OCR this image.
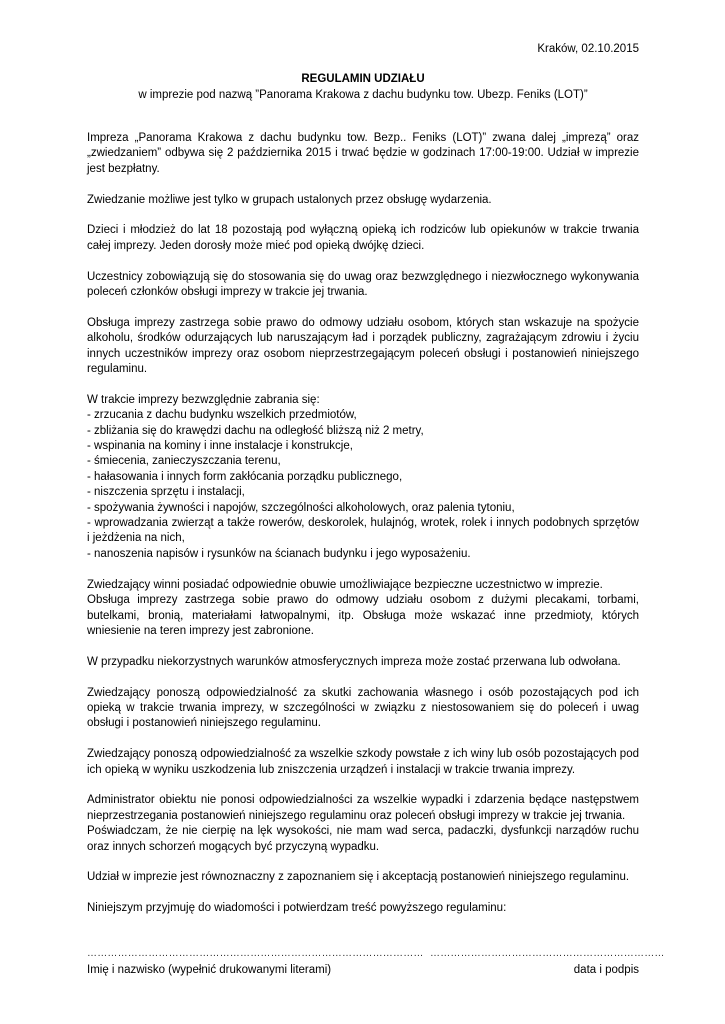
Kraków, 02.10.2015
REGULAMIN UDZIAŁU
w imprezie pod nazwą ”Panorama Krakowa z dachu budynku tow. Ubezp. Feniks (LOT)”

Impreza „Panorama Krakowa z dachu budynku tow. Bezp.. Feniks (LOT)” zwana dalej „imprezą” oraz „zwiedzaniem” odbywa się 2 października 2015 i trwać będzie w godzinach 17:00-19:00. Udział w imprezie jest bezpłatny.

Zwiedzanie możliwe jest tylko w grupach ustalonych przez obsługę wydarzenia.

Dzieci i młodzież do lat 18 pozostają pod wyłączną opieką ich rodziców lub opiekunów w trakcie trwania całej imprezy. Jeden dorosły może mieć pod opieką dwójkę dzieci.

Uczestnicy zobowiązują się do stosowania się do uwag oraz bezwzględnego i niezwłocznego wykonywania poleceń członków obsługi imprezy w trakcie jej trwania.

Obsługa imprezy zastrzega sobie prawo do odmowy udziału osobom, których stan wskazuje na spożycie alkoholu, środków odurzających lub naruszającym ład i porządek publiczny, zagrażającym zdrowiu i życiu innych uczestników imprezy oraz osobom nieprzestrzegającym poleceń obsługi i postanowień niniejszego regulaminu.

W trakcie imprezy bezwzględnie zabrania się:

- zrzucania z dachu budynku wszelkich przedmiotów,
- zbliżania się do krawędzi dachu na odległość bliższą niż 2 metry,
- wspinania na kominy i inne instalacje i konstrukcje,
- śmiecenia, zanieczyszczania terenu,
- hałasowania i innych form zakłócania porządku publicznego,
- niszczenia sprzętu i instalacji,
- spożywania żywności i napojów, szczególności alkoholowych, oraz palenia tytoniu,
- wprowadzania zwierząt a także rowerów, deskorolek, hulajnóg, wrotek, rolek i innych podobnych sprzętów i jeżdżenia na nich,
- nanoszenia napisów i rysunków na ścianach budynku i jego wyposażeniu.

Zwiedzający winni posiadać odpowiednie obuwie umożliwiające bezpieczne uczestnictwo w imprezie.

Obsługa imprezy zastrzega sobie prawo do odmowy udziału osobom z dużymi plecakami, torbami, butelkami, bronią, materiałami łatwopalnymi, itp. Obsługa może wskazać inne przedmioty, których wniesienie na teren imprezy jest zabronione.

W przypadku niekorzystnych warunków atmosferycznych impreza może zostać przerwana lub odwołana.

Zwiedzający ponoszą odpowiedzialność za skutki zachowania własnego i osób pozostających pod ich opieką w trakcie trwania imprezy, w szczególności w związku z niestosowaniem się do poleceń i uwag obsługi i postanowień niniejszego regulaminu.

Zwiedzający ponoszą odpowiedzialność za wszelkie szkody powstałe z ich winy lub osób pozostających pod ich opieką w wyniku uszkodzenia lub zniszczenia urządzeń i instalacji w trakcie trwania imprezy.

Administrator obiektu nie ponosi odpowiedzialności za wszelkie wypadki i zdarzenia będące następstwem nieprzestrzegania postanowień niniejszego regulaminu oraz poleceń obsługi imprezy w trakcie jej trwania.

Poświadczam, że nie cierpię na lęk wysokości, nie mam wad serca, padaczki, dysfunkcji narządów ruchu oraz innych schorzeń mogących być przyczyną wypadku.

Udział w imprezie jest równoznaczny z zapoznaniem się i akceptacją postanowień niniejszego regulaminu.

Niniejszym przyjmuję do wiadomości i potwierdzam treść powyższego regulaminu:

……………………………………………………………………………………… ……………………………………………………………
Imię i nazwisko (wypełnić drukowanymi literami)	data i podpis
